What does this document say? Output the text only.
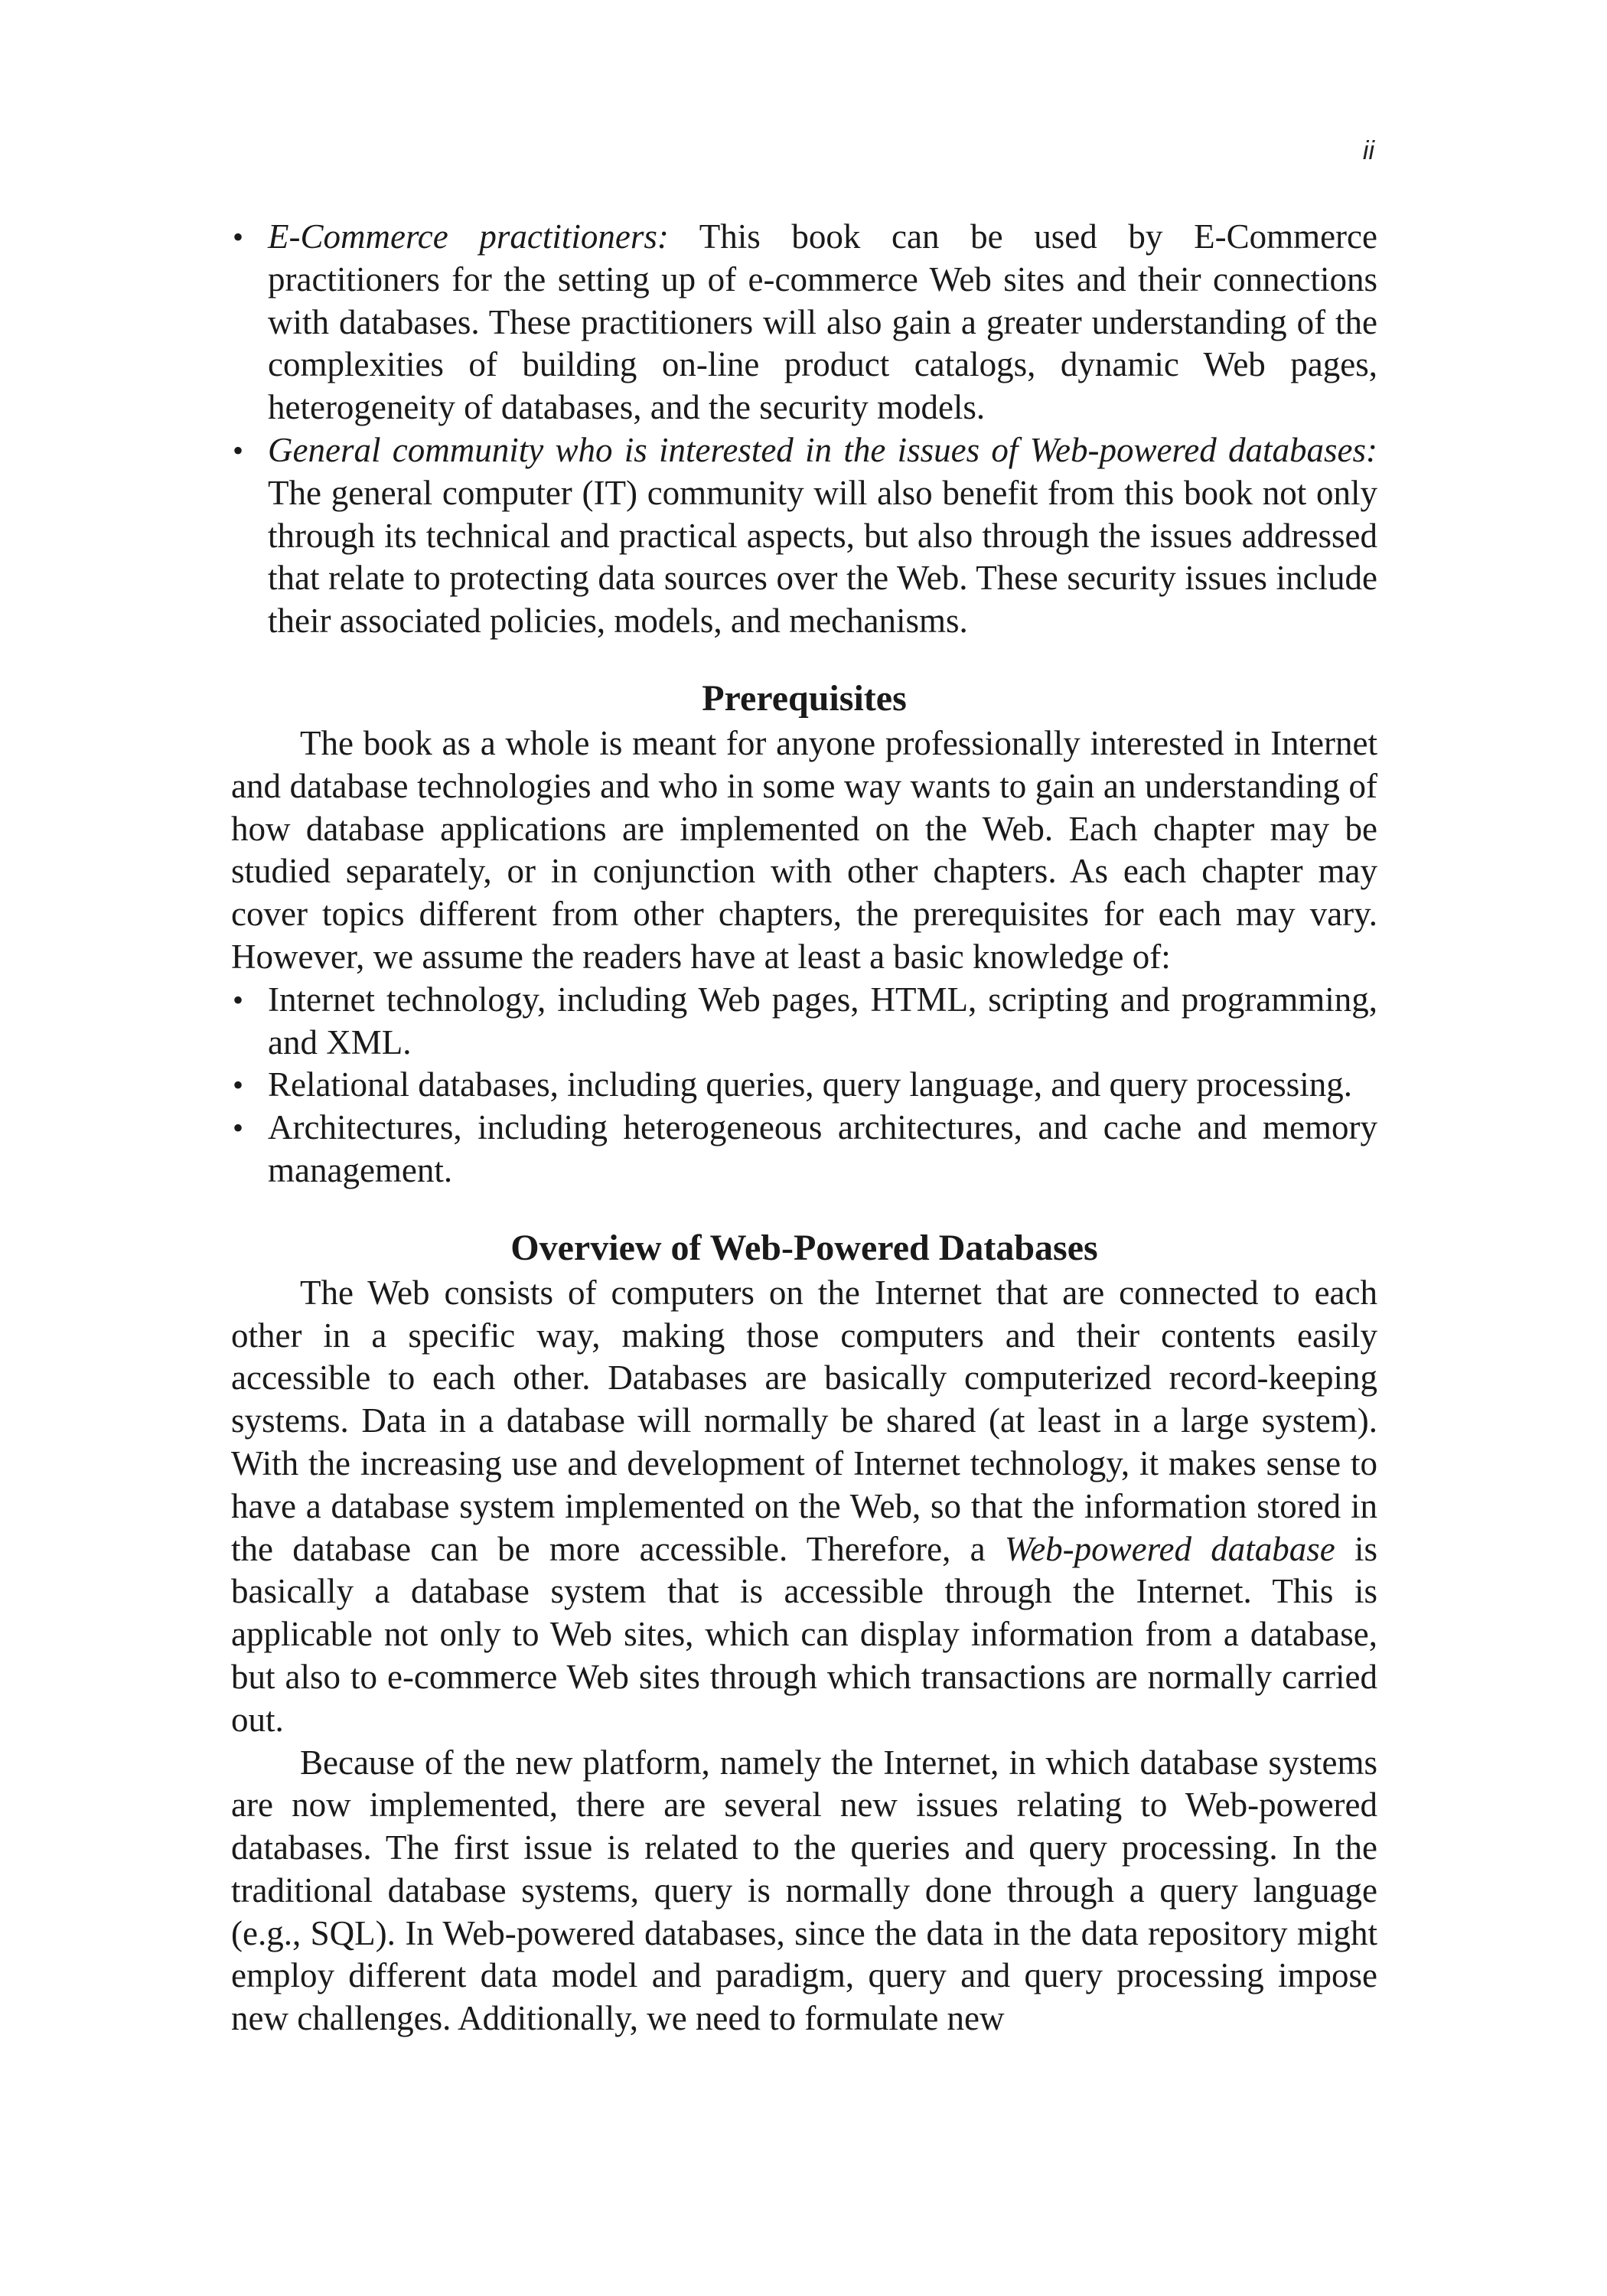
ii
• E-Commerce practitioners: This book can be used by E-Commerce practitioners for the setting up of e-commerce Web sites and their connections with databases. These practitioners will also gain a greater understanding of the complexities of building on-line product catalogs, dynamic Web pages, heterogeneity of databases, and the security models.
• General community who is interested in the issues of Web-powered databases: The general computer (IT) community will also benefit from this book not only through its technical and practical aspects, but also through the issues addressed that relate to protecting data sources over the Web. These security issues include their associated policies, models, and mechanisms.
Prerequisites

The book as a whole is meant for anyone professionally interested in Internet and database technologies and who in some way wants to gain an understanding of how database applications are implemented on the Web. Each chapter may be studied separately, or in conjunction with other chapters. As each chapter may cover topics different from other chapters, the prerequisites for each may vary. However, we assume the readers have at least a basic knowledge of:

• Internet technology, including Web pages, HTML, scripting and programming, and XML.
• Relational databases, including queries, query language, and query processing.
• Architectures, including heterogeneous architectures, and cache and memory management.
Overview of Web-Powered Databases

The Web consists of computers on the Internet that are connected to each other in a specific way, making those computers and their contents easily accessible to each other. Databases are basically computerized record-keeping systems. Data in a database will normally be shared (at least in a large system). With the increasing use and development of Internet technology, it makes sense to have a database system implemented on the Web, so that the information stored in the database can be more accessible. Therefore, a Web-powered database is basically a database system that is accessible through the Internet. This is applicable not only to Web sites, which can display information from a database, but also to e-commerce Web sites through which transactions are normally carried out.

Because of the new platform, namely the Internet, in which database systems are now implemented, there are several new issues relating to Web-powered databases. The first issue is related to the queries and query processing. In the traditional database systems, query is normally done through a query language (e.g., SQL). In Web-powered databases, since the data in the data repository might employ different data model and paradigm, query and query processing impose new challenges. Additionally, we need to formulate new
